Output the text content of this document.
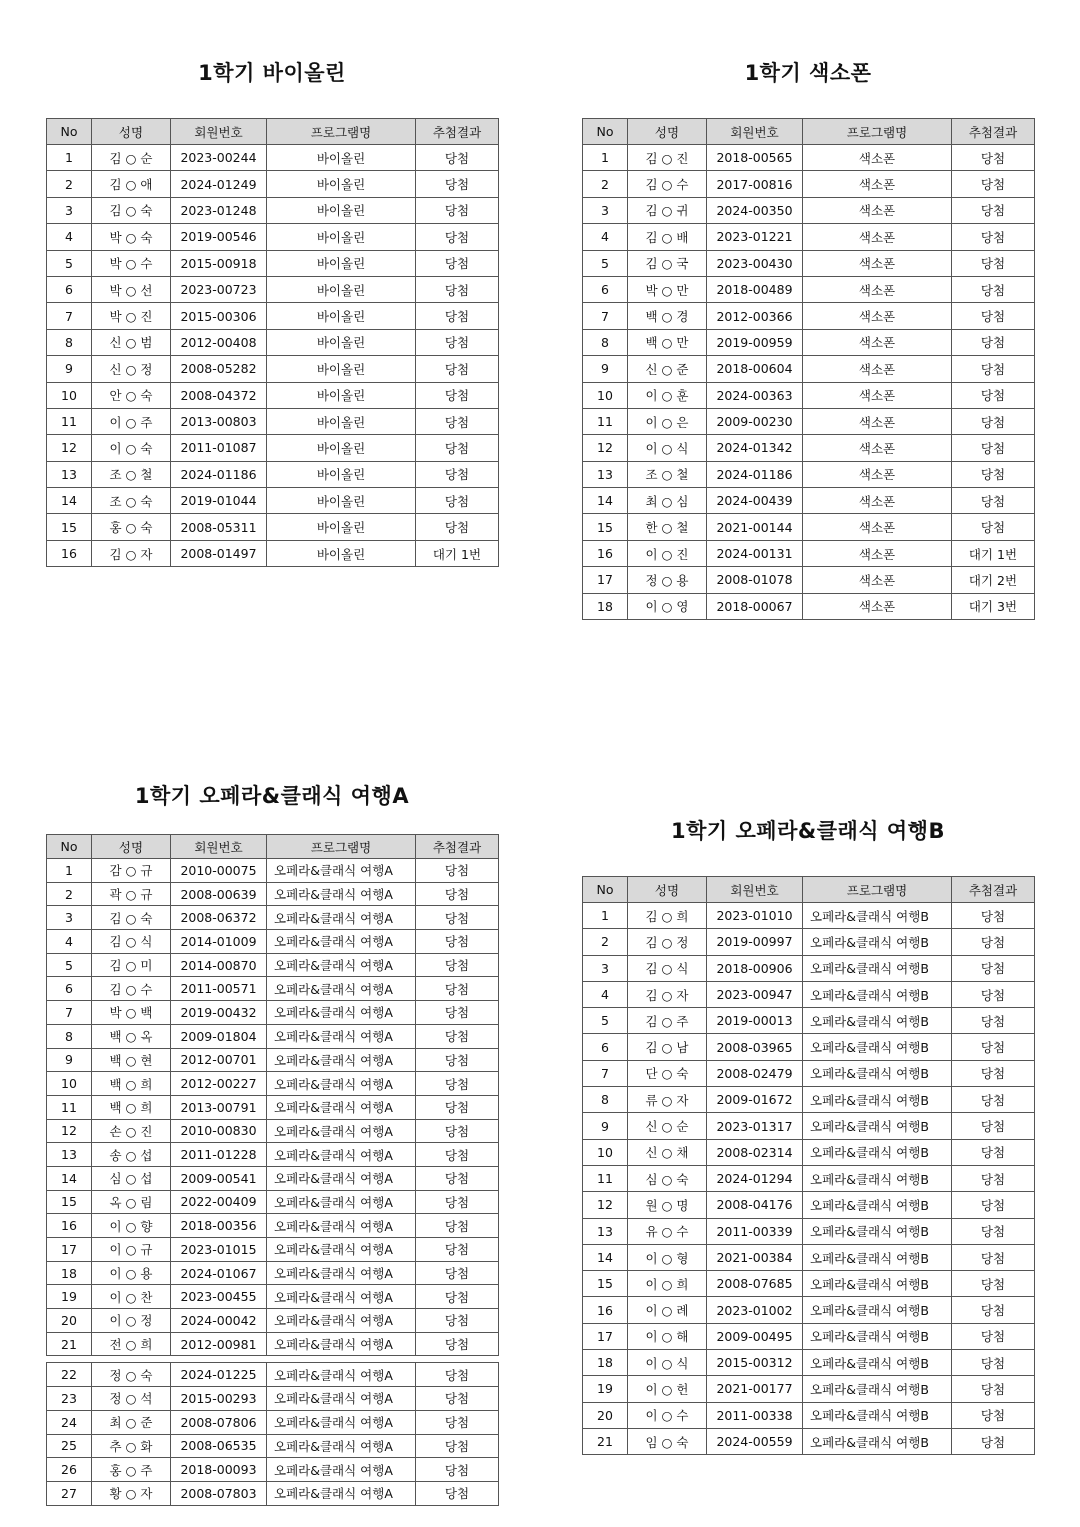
1학기 바이올린
No	성명	회원번호	프로그램명	추첨결과
1	김 ○ 순	2023-00244	바이올린	당첨
2	김 ○ 애	2024-01249	바이올린	당첨
3	김 ○ 숙	2023-01248	바이올린	당첨
4	박 ○ 숙	2019-00546	바이올린	당첨
5	박 ○ 수	2015-00918	바이올린	당첨
6	박 ○ 선	2023-00723	바이올린	당첨
7	박 ○ 진	2015-00306	바이올린	당첨
8	신 ○ 범	2012-00408	바이올린	당첨
9	신 ○ 정	2008-05282	바이올린	당첨
10	안 ○ 숙	2008-04372	바이올린	당첨
11	이 ○ 주	2013-00803	바이올린	당첨
12	이 ○ 숙	2011-01087	바이올린	당첨
13	조 ○ 철	2024-01186	바이올린	당첨
14	조 ○ 숙	2019-01044	바이올린	당첨
15	홍 ○ 숙	2008-05311	바이올린	당첨
16	김 ○ 자	2008-01497	바이올린	대기 1번
1학기 색소폰
No	성명	회원번호	프로그램명	추첨결과
1	김 ○ 진	2018-00565	색소폰	당첨
2	김 ○ 수	2017-00816	색소폰	당첨
3	김 ○ 귀	2024-00350	색소폰	당첨
4	김 ○ 배	2023-01221	색소폰	당첨
5	김 ○ 국	2023-00430	색소폰	당첨
6	박 ○ 만	2018-00489	색소폰	당첨
7	백 ○ 경	2012-00366	색소폰	당첨
8	백 ○ 만	2019-00959	색소폰	당첨
9	신 ○ 준	2018-00604	색소폰	당첨
10	이 ○ 훈	2024-00363	색소폰	당첨
11	이 ○ 은	2009-00230	색소폰	당첨
12	이 ○ 식	2024-01342	색소폰	당첨
13	조 ○ 철	2024-01186	색소폰	당첨
14	최 ○ 심	2024-00439	색소폰	당첨
15	한 ○ 철	2021-00144	색소폰	당첨
16	이 ○ 진	2024-00131	색소폰	대기 1번
17	정 ○ 용	2008-01078	색소폰	대기 2번
18	이 ○ 영	2018-00067	색소폰	대기 3번
1학기 오페라&클래식 여행A
No	성명	회원번호	프로그램명	추첨결과
1	감 ○ 규	2010-00075	오페라&클래식 여행A	당첨
2	곽 ○ 규	2008-00639	오페라&클래식 여행A	당첨
3	김 ○ 숙	2008-06372	오페라&클래식 여행A	당첨
4	김 ○ 식	2014-01009	오페라&클래식 여행A	당첨
5	김 ○ 미	2014-00870	오페라&클래식 여행A	당첨
6	김 ○ 수	2011-00571	오페라&클래식 여행A	당첨
7	박 ○ 백	2019-00432	오페라&클래식 여행A	당첨
8	백 ○ 옥	2009-01804	오페라&클래식 여행A	당첨
9	백 ○ 현	2012-00701	오페라&클래식 여행A	당첨
10	백 ○ 희	2012-00227	오페라&클래식 여행A	당첨
11	백 ○ 희	2013-00791	오페라&클래식 여행A	당첨
12	손 ○ 진	2010-00830	오페라&클래식 여행A	당첨
13	송 ○ 섭	2011-01228	오페라&클래식 여행A	당첨
14	심 ○ 섭	2009-00541	오페라&클래식 여행A	당첨
15	옥 ○ 림	2022-00409	오페라&클래식 여행A	당첨
16	이 ○ 향	2018-00356	오페라&클래식 여행A	당첨
17	이 ○ 규	2023-01015	오페라&클래식 여행A	당첨
18	이 ○ 용	2024-01067	오페라&클래식 여행A	당첨
19	이 ○ 찬	2023-00455	오페라&클래식 여행A	당첨
20	이 ○ 정	2024-00042	오페라&클래식 여행A	당첨
21	전 ○ 희	2012-00981	오페라&클래식 여행A	당첨

22	정 ○ 숙	2024-01225	오페라&클래식 여행A	당첨
23	정 ○ 석	2015-00293	오페라&클래식 여행A	당첨
24	최 ○ 준	2008-07806	오페라&클래식 여행A	당첨
25	추 ○ 화	2008-06535	오페라&클래식 여행A	당첨
26	홍 ○ 주	2018-00093	오페라&클래식 여행A	당첨
27	황 ○ 자	2008-07803	오페라&클래식 여행A	당첨
1학기 오페라&클래식 여행B
No	성명	회원번호	프로그램명	추첨결과
1	김 ○ 희	2023-01010	오페라&클래식 여행B	당첨
2	김 ○ 정	2019-00997	오페라&클래식 여행B	당첨
3	김 ○ 식	2018-00906	오페라&클래식 여행B	당첨
4	김 ○ 자	2023-00947	오페라&클래식 여행B	당첨
5	김 ○ 주	2019-00013	오페라&클래식 여행B	당첨
6	김 ○ 남	2008-03965	오페라&클래식 여행B	당첨
7	단 ○ 숙	2008-02479	오페라&클래식 여행B	당첨
8	류 ○ 자	2009-01672	오페라&클래식 여행B	당첨
9	신 ○ 순	2023-01317	오페라&클래식 여행B	당첨
10	신 ○ 채	2008-02314	오페라&클래식 여행B	당첨
11	심 ○ 숙	2024-01294	오페라&클래식 여행B	당첨
12	원 ○ 명	2008-04176	오페라&클래식 여행B	당첨
13	유 ○ 수	2011-00339	오페라&클래식 여행B	당첨
14	이 ○ 형	2021-00384	오페라&클래식 여행B	당첨
15	이 ○ 희	2008-07685	오페라&클래식 여행B	당첨
16	이 ○ 례	2023-01002	오페라&클래식 여행B	당첨
17	이 ○ 해	2009-00495	오페라&클래식 여행B	당첨
18	이 ○ 식	2015-00312	오페라&클래식 여행B	당첨
19	이 ○ 헌	2021-00177	오페라&클래식 여행B	당첨
20	이 ○ 수	2011-00338	오페라&클래식 여행B	당첨
21	임 ○ 숙	2024-00559	오페라&클래식 여행B	당첨
